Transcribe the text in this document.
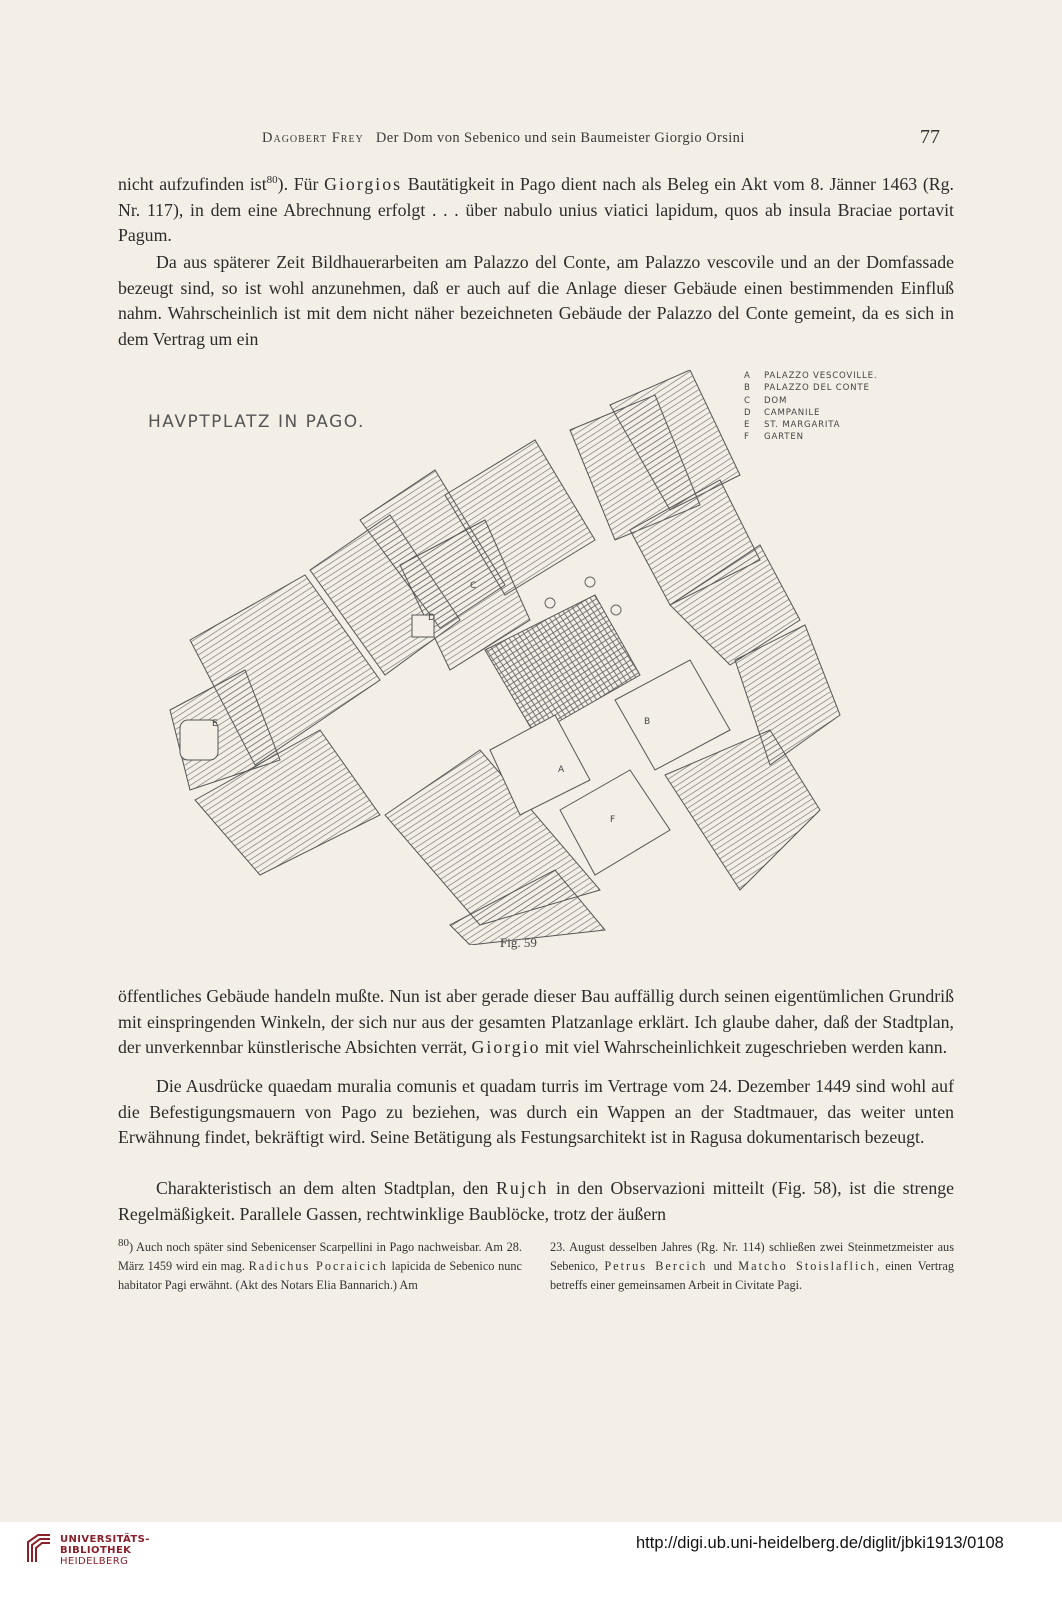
Dagobert Frey Der Dom von Sebenico und sein Baumeister Giorgio Orsini	77
nicht aufzufinden ist$^{80}$). Für Giorgios Bautätigkeit in Pago dient nach als Beleg ein Akt vom 8. Jänner 1463 (Rg. Nr. 117), in dem eine Abrechnung erfolgt . . . über nabulo unius viatici lapidum, quos ab insula Braciae portavit Pagum.
Da aus späterer Zeit Bildhauerarbeiten am Palazzo del Conte, am Palazzo vescovile und an der Domfassade bezeugt sind, so ist wohl anzunehmen, daß er auch auf die Anlage dieser Gebäude einen bestimmenden Einfluß nahm. Wahrscheinlich ist mit dem nicht näher bezeichneten Gebäude der Palazzo del Conte gemeint, da es sich in dem Vertrag um ein
HAVPTPLATZ IN PAGO.
A PALAZZO VESCOVILLE.
B PALAZZO DEL CONTE
C DOM
D CAMPANILE
E ST. MARGARITA
F GARTEN
C
D
E	B
A
F
Fig. 59
öffentliches Gebäude handeln mußte. Nun ist aber gerade dieser Bau auffällig durch seinen eigentümlichen Grundriß mit einspringenden Winkeln, der sich nur aus der gesamten Platzanlage erklärt. Ich glaube daher, daß der Stadtplan, der unverkennbar künstlerische Absichten verrät, Giorgio mit viel Wahrscheinlichkeit zugeschrieben werden kann.
Die Ausdrücke quaedam muralia comunis et quadam turris im Vertrage vom 24. Dezember 1449 sind wohl auf die Befestigungsmauern von Pago zu beziehen, was durch ein Wappen an der Stadtmauer, das weiter unten Erwähnung findet, bekräftigt wird. Seine Betätigung als Festungsarchitekt ist in Ragusa dokumentarisch bezeugt.
Charakteristisch an dem alten Stadtplan, den Rujch in den Observazioni mitteilt (Fig. 58), ist die strenge Regelmäßigkeit. Parallele Gassen, rechtwinklige Baublöcke, trotz der äußern
80) Auch noch später sind Sebenicenser Scarpellini in Pago nachweisbar. Am 28. März 1459 wird ein mag. Radichus Pocraicich lapicida de Sebenico nunc habitator Pagi erwähnt. (Akt des Notars Elia Bannarich.) Am
23. August desselben Jahres (Rg. Nr. 114) schließen zwei Steinmetzmeister aus Sebenico, Petrus Bercich und Matcho Stoislaflich, einen Vertrag betreffs einer gemeinsamen Arbeit in Civitate Pagi.
UNIVERSITÄTS-
BIBLIOTHEK
HEIDELBERG
http://digi.ub.uni-heidelberg.de/diglit/jbki1913/0108
